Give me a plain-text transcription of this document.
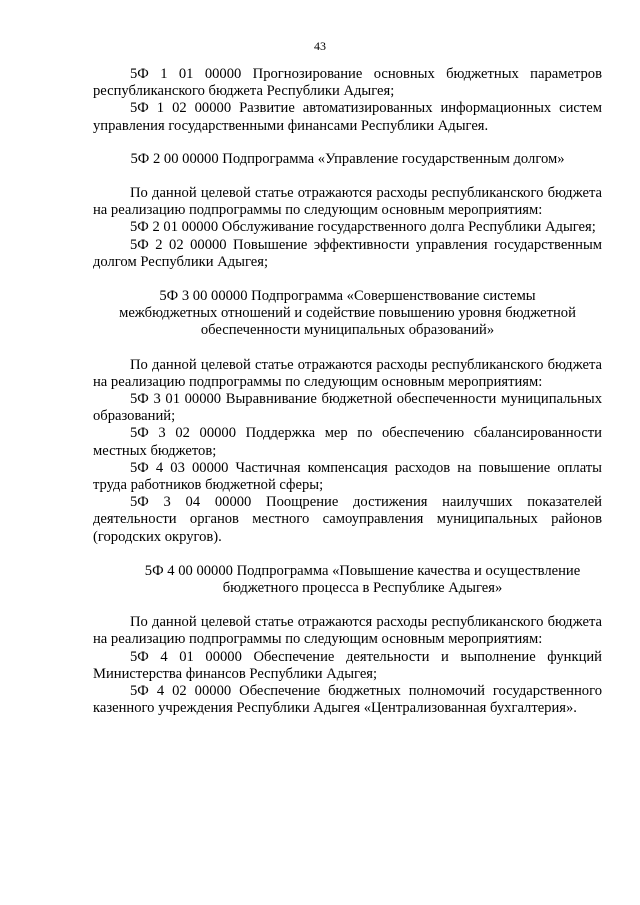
43

5Ф 1 01 00000 Прогнозирование основных бюджетных параметров республиканского бюджета Республики Адыгея;

5Ф 1 02 00000 Развитие автоматизированных информационных систем управления государственными финансами Республики Адыгея.

5Ф 2 00 00000 Подпрограмма «Управление государственным долгом»

По данной целевой статье отражаются расходы республиканского бюджета на реализацию подпрограммы по следующим основным мероприятиям:

5Ф 2 01 00000 Обслуживание государственного долга Республики Адыгея;

5Ф 2 02 00000 Повышение эффективности управления государственным долгом Республики Адыгея;

5Ф 3 00 00000 Подпрограмма «Совершенствование системы межбюджетных отношений и содействие повышению уровня бюджетной обеспеченности муниципальных образований»

По данной целевой статье отражаются расходы республиканского бюджета на реализацию подпрограммы по следующим основным мероприятиям:

5Ф 3 01 00000 Выравнивание бюджетной обеспеченности муниципальных образований;

5Ф 3 02 00000 Поддержка мер по обеспечению сбалансированности местных бюджетов;

5Ф 4 03 00000 Частичная компенсация расходов на повышение оплаты труда работников бюджетной сферы;

5Ф 3 04 00000 Поощрение достижения наилучших показателей деятельности органов местного самоуправления муниципальных районов (городских округов).

5Ф 4 00 00000 Подпрограмма «Повышение качества и осуществление бюджетного процесса в Республике Адыгея»

По данной целевой статье отражаются расходы республиканского бюджета на реализацию подпрограммы по следующим основным мероприятиям:

5Ф 4 01 00000 Обеспечение деятельности и выполнение функций Министерства финансов Республики Адыгея;

5Ф 4 02 00000 Обеспечение бюджетных полномочий государственного казенного учреждения Республики Адыгея «Централизованная бухгалтерия».
